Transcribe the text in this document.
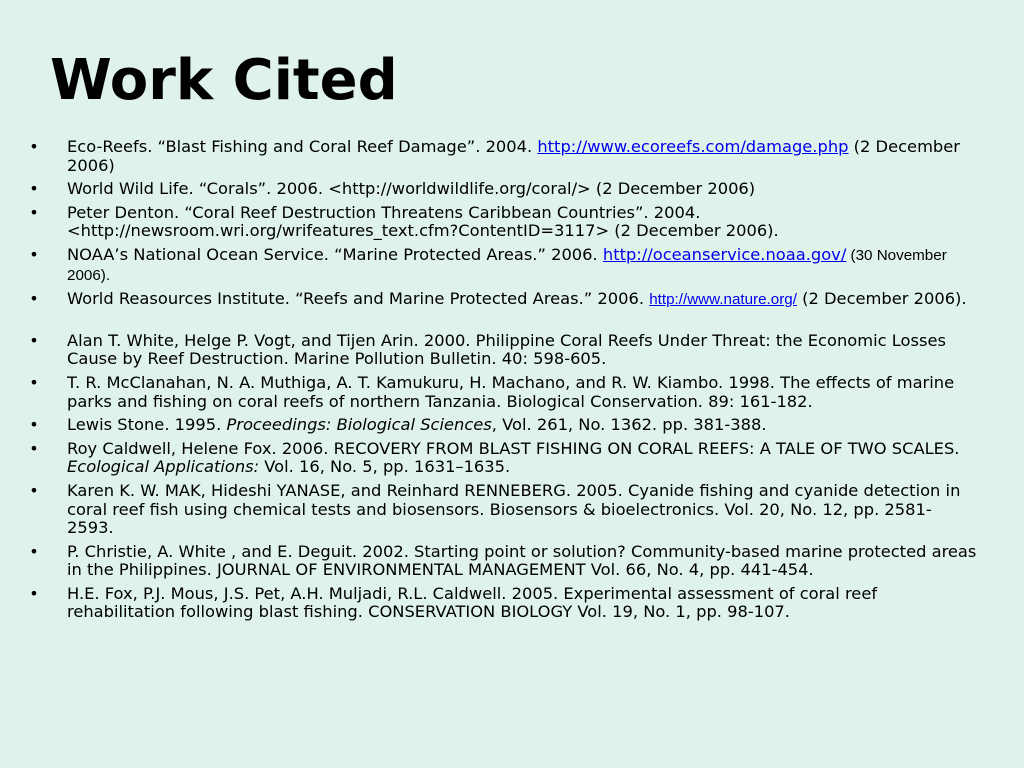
Work Cited
• Eco-Reefs. “Blast Fishing and Coral Reef Damage”. 2004. http://www.ecoreefs.com/damage.php (2 December 2006)
• World Wild Life. “Corals”. 2006. <http://worldwildlife.org/coral/> (2 December 2006)
• Peter Denton. “Coral Reef Destruction Threatens Caribbean Countries”. 2004. <http://newsroom.wri.org/wrifeatures_text.cfm?ContentID=3117> (2 December 2006).
• NOAA’s National Ocean Service. “Marine Protected Areas.” 2006. http://oceanservice.noaa.gov/ (30 November 2006).
• World Reasources Institute. “Reefs and Marine Protected Areas.” 2006. http://www.nature.org/ (2 December 2006).
• Alan T. White, Helge P. Vogt, and Tijen Arin. 2000. Philippine Coral Reefs Under Threat: the Economic Losses Cause by Reef Destruction. Marine Pollution Bulletin. 40: 598-605.
• T. R. McClanahan, N. A. Muthiga, A. T. Kamukuru, H. Machano, and R. W. Kiambo. 1998. The effects of marine parks and fishing on coral reefs of northern Tanzania. Biological Conservation. 89: 161-182.
• Lewis Stone. 1995. Proceedings: Biological Sciences, Vol. 261, No. 1362. pp. 381-388.
• Roy Caldwell, Helene Fox. 2006. RECOVERY FROM BLAST FISHING ON CORAL REEFS: A TALE OF TWO SCALES. Ecological Applications: Vol. 16, No. 5, pp. 1631–1635.
• Karen K. W. MAK, Hideshi YANASE, and Reinhard RENNEBERG. 2005. Cyanide fishing and cyanide detection in coral reef fish using chemical tests and biosensors. Biosensors & bioelectronics. Vol. 20, No. 12, pp. 2581-2593.
• P. Christie, A. White , and E. Deguit. 2002. Starting point or solution? Community-based marine protected areas in the Philippines. JOURNAL OF ENVIRONMENTAL MANAGEMENT Vol. 66, No. 4, pp. 441-454.
• H.E. Fox, P.J. Mous, J.S. Pet, A.H. Muljadi, R.L. Caldwell. 2005. Experimental assessment of coral reef rehabilitation following blast fishing. CONSERVATION BIOLOGY Vol. 19, No. 1, pp. 98-107.
